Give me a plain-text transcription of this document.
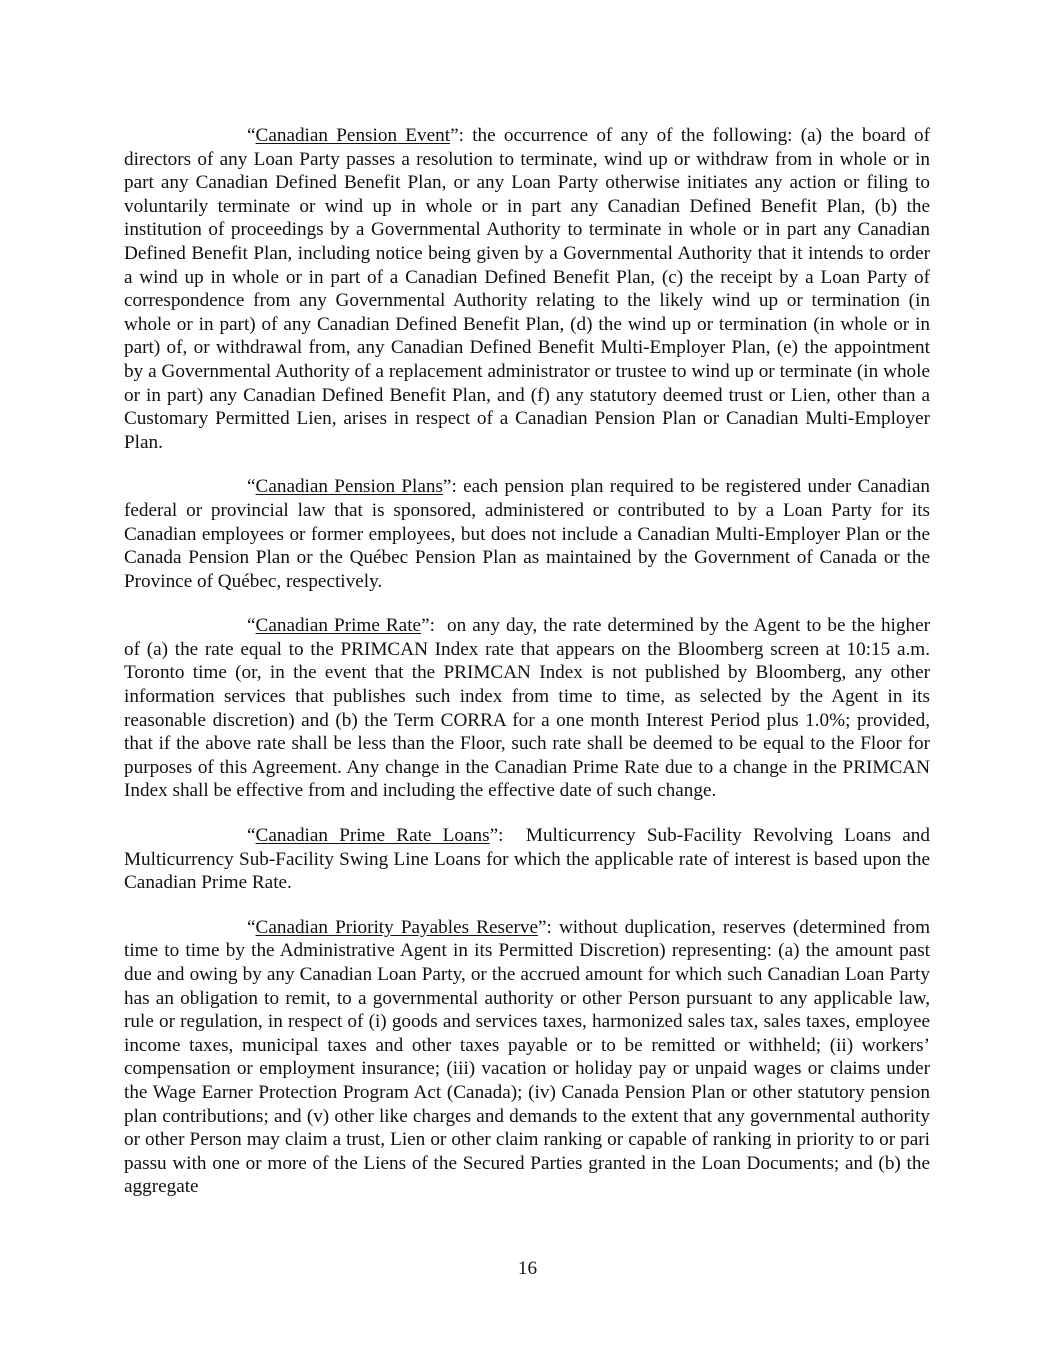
“Canadian Pension Event”: the occurrence of any of the following: (a) the board of directors of any Loan Party passes a resolution to terminate, wind up or withdraw from in whole or in part any Canadian Defined Benefit Plan, or any Loan Party otherwise initiates any action or filing to voluntarily terminate or wind up in whole or in part any Canadian Defined Benefit Plan, (b) the institution of proceedings by a Governmental Authority to terminate in whole or in part any Canadian Defined Benefit Plan, including notice being given by a Governmental Authority that it intends to order a wind up in whole or in part of a Canadian Defined Benefit Plan, (c) the receipt by a Loan Party of correspondence from any Governmental Authority relating to the likely wind up or termination (in whole or in part) of any Canadian Defined Benefit Plan, (d) the wind up or termination (in whole or in part) of, or withdrawal from, any Canadian Defined Benefit Multi-Employer Plan, (e) the appointment by a Governmental Authority of a replacement administrator or trustee to wind up or terminate (in whole or in part) any Canadian Defined Benefit Plan, and (f) any statutory deemed trust or Lien, other than a Customary Permitted Lien, arises in respect of a Canadian Pension Plan or Canadian Multi-Employer Plan.

“Canadian Pension Plans”: each pension plan required to be registered under Canadian federal or provincial law that is sponsored, administered or contributed to by a Loan Party for its Canadian employees or former employees, but does not include a Canadian Multi-Employer Plan or the Canada Pension Plan or the Québec Pension Plan as maintained by the Government of Canada or the Province of Québec, respectively.

“Canadian Prime Rate”:  on any day, the rate determined by the Agent to be the higher of (a) the rate equal to the PRIMCAN Index rate that appears on the Bloomberg screen at 10:15 a.m. Toronto time (or, in the event that the PRIMCAN Index is not published by Bloomberg, any other information services that publishes such index from time to time, as selected by the Agent in its reasonable discretion) and (b) the Term CORRA for a one month Interest Period plus 1.0%; provided, that if the above rate shall be less than the Floor, such rate shall be deemed to be equal to the Floor for purposes of this Agreement. Any change in the Canadian Prime Rate due to a change in the PRIMCAN Index shall be effective from and including the effective date of such change.

“Canadian Prime Rate Loans”:  Multicurrency Sub-Facility Revolving Loans and Multicurrency Sub-Facility Swing Line Loans for which the applicable rate of interest is based upon the Canadian Prime Rate.

“Canadian Priority Payables Reserve”: without duplication, reserves (determined from time to time by the Administrative Agent in its Permitted Discretion) representing: (a) the amount past due and owing by any Canadian Loan Party, or the accrued amount for which such Canadian Loan Party has an obligation to remit, to a governmental authority or other Person pursuant to any applicable law, rule or regulation, in respect of (i) goods and services taxes, harmonized sales tax, sales taxes, employee income taxes, municipal taxes and other taxes payable or to be remitted or withheld; (ii) workers’ compensation or employment insurance; (iii) vacation or holiday pay or unpaid wages or claims under the Wage Earner Protection Program Act (Canada); (iv) Canada Pension Plan or other statutory pension plan contributions; and (v) other like charges and demands to the extent that any governmental authority or other Person may claim a trust, Lien or other claim ranking or capable of ranking in priority to or pari passu with one or more of the Liens of the Secured Parties granted in the Loan Documents; and (b) the aggregate

16
